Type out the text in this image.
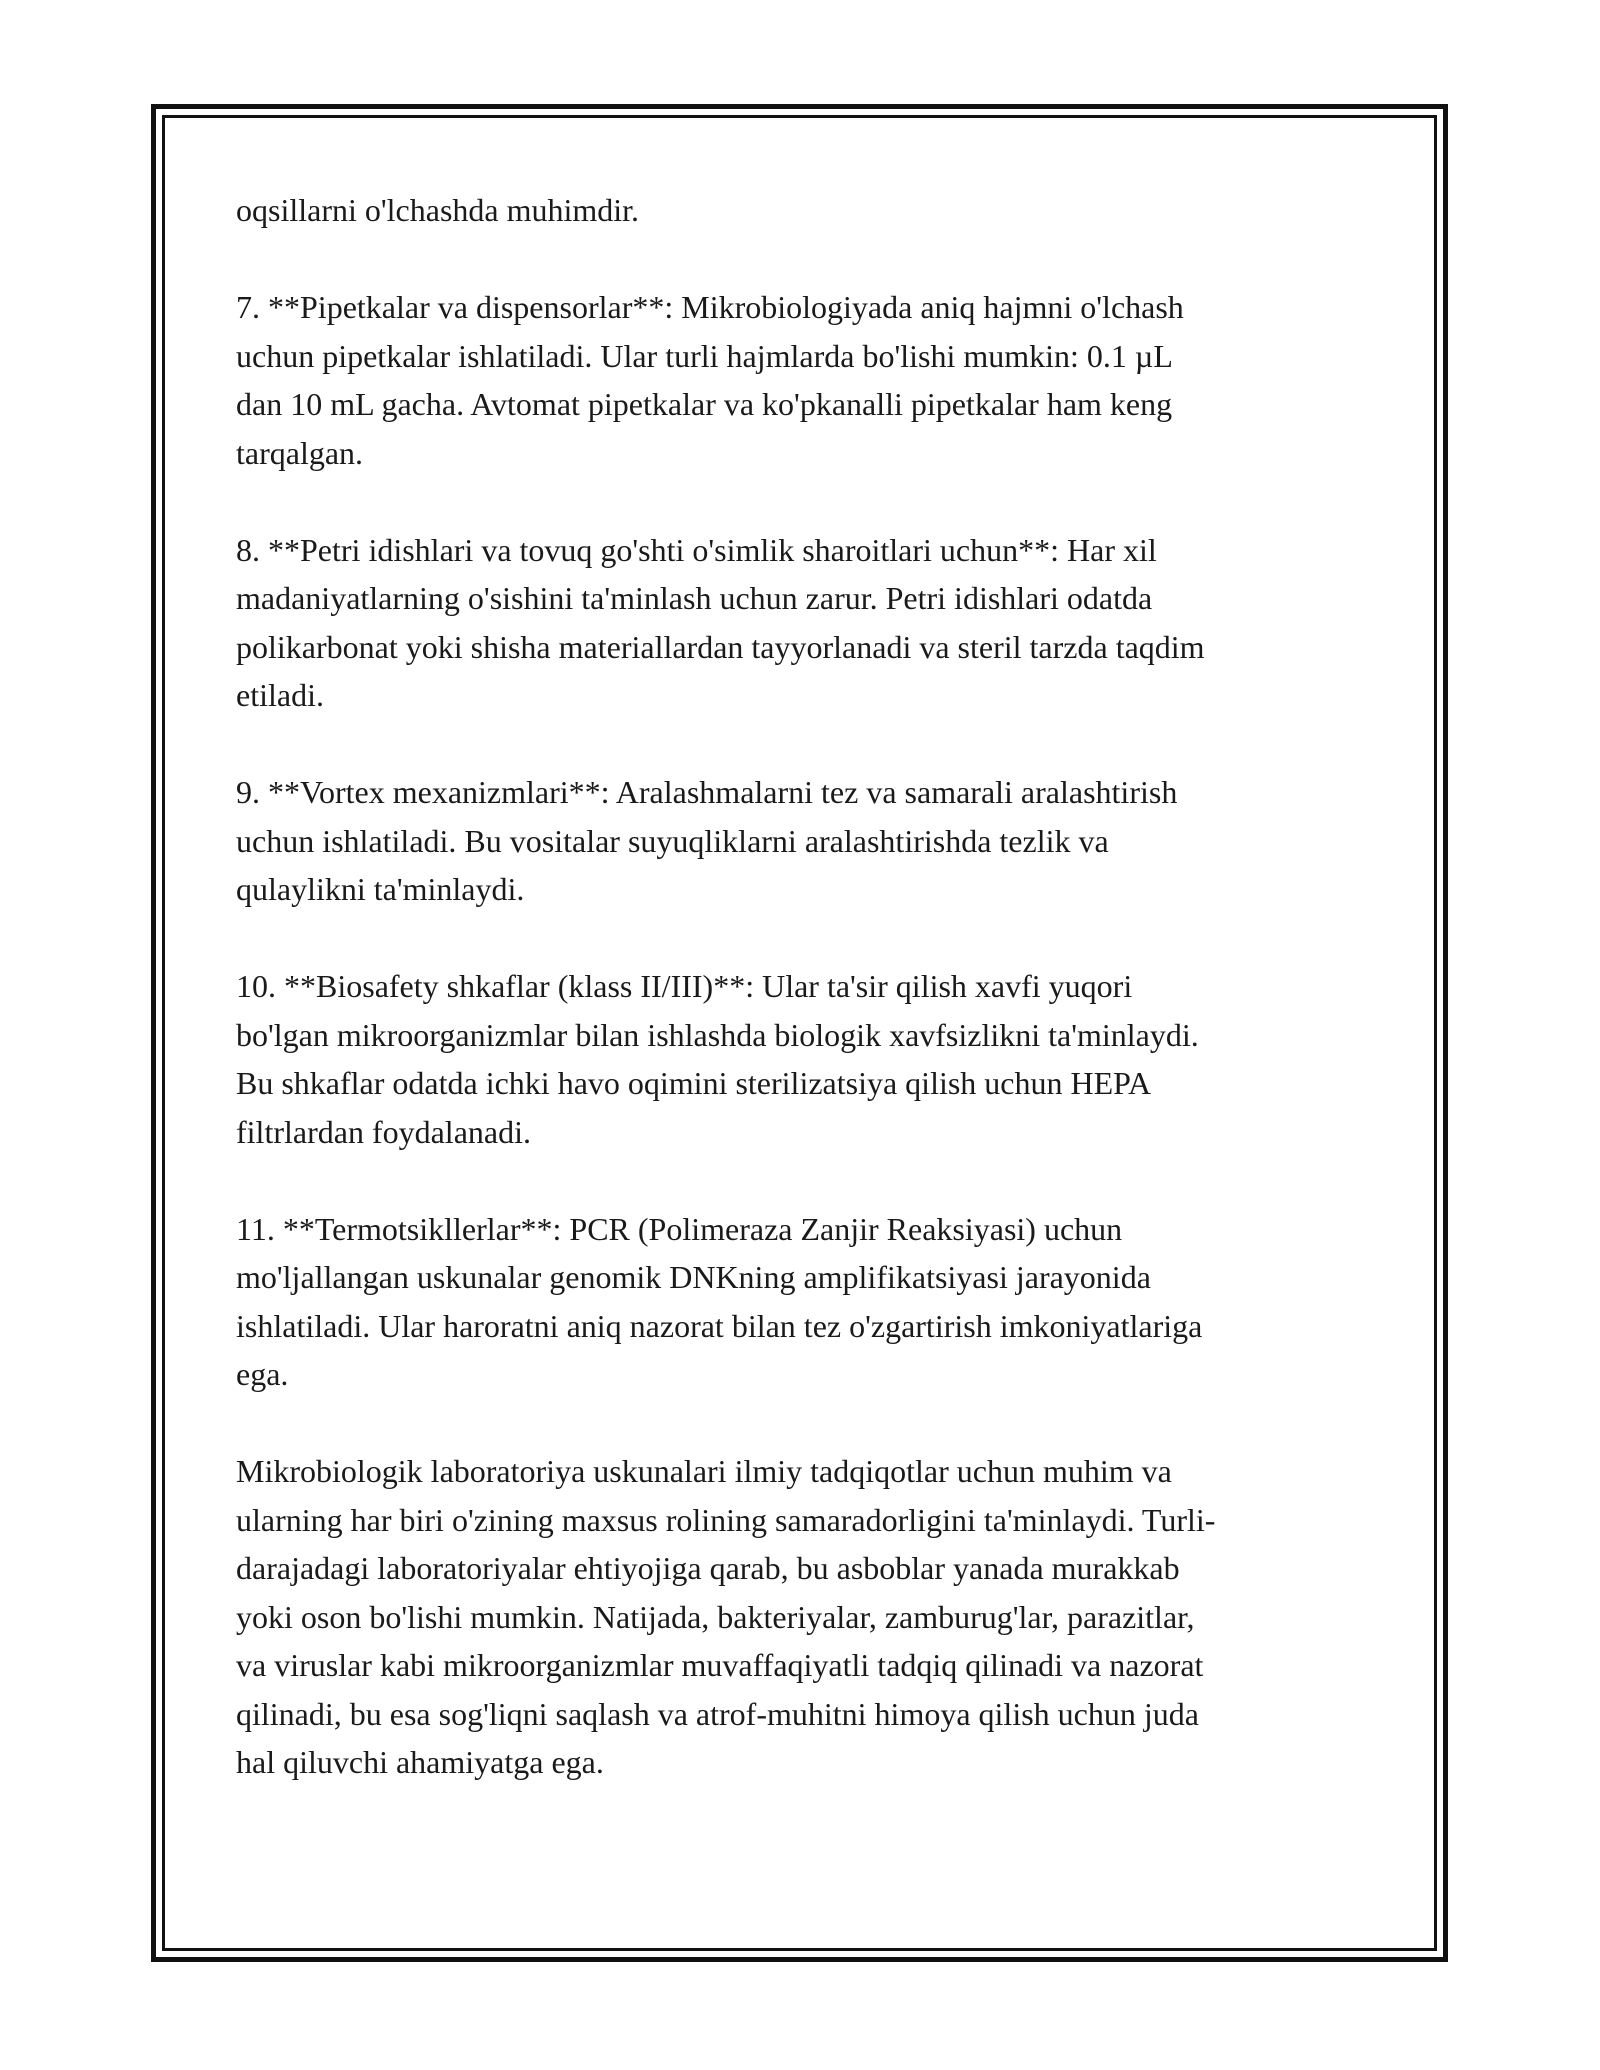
oqsillarni o'lchashda muhimdir.

7. **Pipetkalar va dispensorlar**: Mikrobiologiyada aniq hajmni o'lchash
uchun pipetkalar ishlatiladi. Ular turli hajmlarda bo'lishi mumkin: 0.1 µL
dan 10 mL gacha. Avtomat pipetkalar va ko'pkanalli pipetkalar ham keng
tarqalgan.

8. **Petri idishlari va tovuq go'shti o'simlik sharoitlari uchun**: Har xil
madaniyatlarning o'sishini ta'minlash uchun zarur. Petri idishlari odatda
polikarbonat yoki shisha materiallardan tayyorlanadi va steril tarzda taqdim
etiladi.

9. **Vortex mexanizmlari**: Aralashmalarni tez va samarali aralashtirish
uchun ishlatiladi. Bu vositalar suyuqliklarni aralashtirishda tezlik va
qulaylikni ta'minlaydi.

10. **Biosafety shkaflar (klass II/III)**: Ular ta'sir qilish xavfi yuqori
bo'lgan mikroorganizmlar bilan ishlashda biologik xavfsizlikni ta'minlaydi.
Bu shkaflar odatda ichki havo oqimini sterilizatsiya qilish uchun HEPA
filtrlardan foydalanadi.

11. **Termotsikllerlar**: PCR (Polimeraza Zanjir Reaksiyasi) uchun
mo'ljallangan uskunalar genomik DNKning amplifikatsiyasi jarayonida
ishlatiladi. Ular haroratni aniq nazorat bilan tez o'zgartirish imkoniyatlariga
ega.

Mikrobiologik laboratoriya uskunalari ilmiy tadqiqotlar uchun muhim va
ularning har biri o'zining maxsus rolining samaradorligini ta'minlaydi. Turli-
darajadagi laboratoriyalar ehtiyojiga qarab, bu asboblar yanada murakkab
yoki oson bo'lishi mumkin. Natijada, bakteriyalar, zamburug'lar, parazitlar,
va viruslar kabi mikroorganizmlar muvaffaqiyatli tadqiq qilinadi va nazorat
qilinadi, bu esa sog'liqni saqlash va atrof-muhitni himoya qilish uchun juda
hal qiluvchi ahamiyatga ega.
